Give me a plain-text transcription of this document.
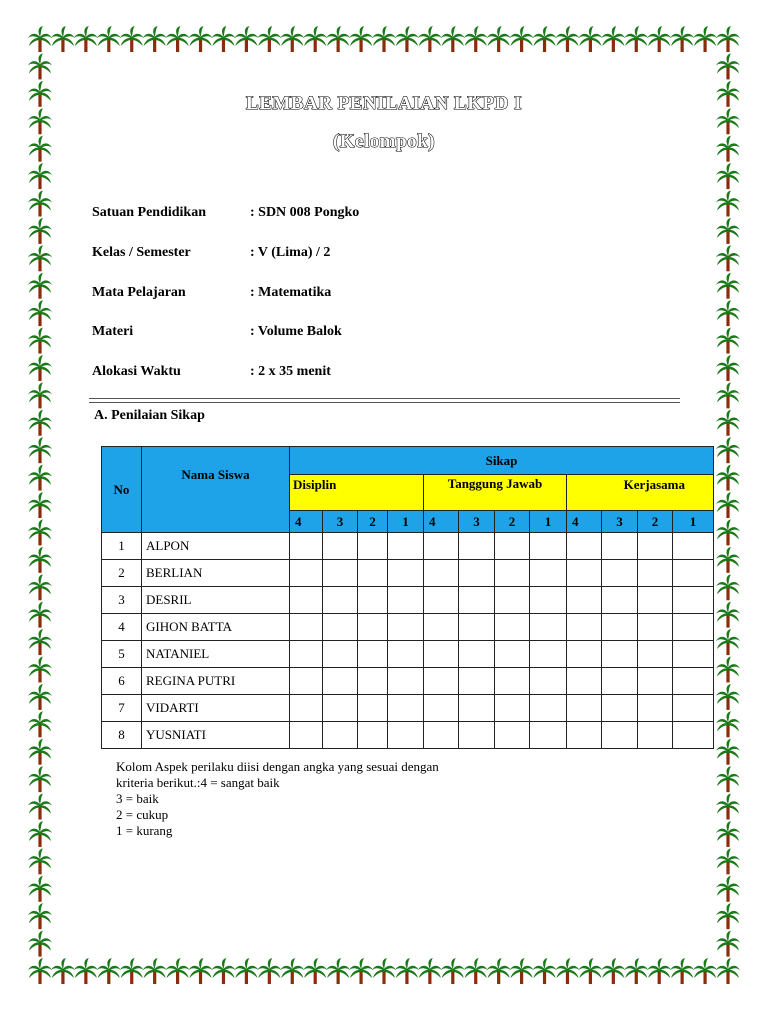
LEMBAR PENILAIAN LKPD I
(Kelompok)
Satuan Pendidikan	: SDN 008 Pongko
Kelas / Semester	: V (Lima) / 2
Mata Pelajaran	: Matematika
Materi	: Volume Balok
Alokasi Waktu	: 2 x 35 menit
A. Penilaian Sikap
No	Nama Siswa	Sikap											
		Disiplin				Tanggung Jawab				Kerjasama			
		4	3	2	1	4	3	2	1	4	3	2	1
1	ALPON												
2	BERLIAN												
3	DESRIL												
4	GIHON BATTA												
5	NATANIEL												
6	REGINA PUTRI												
7	VIDARTI												
8	YUSNIATI												
Kolom Aspek perilaku diisi dengan angka yang sesuai dengan
kriteria berikut.:4 = sangat baik
3 = baik
2 = cukup
1 = kurang
